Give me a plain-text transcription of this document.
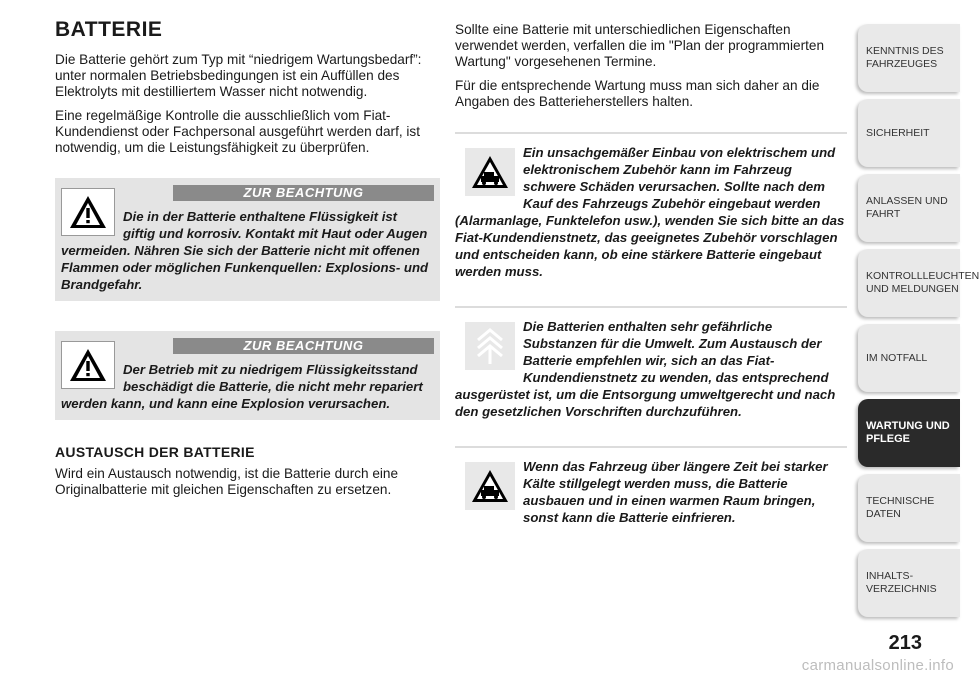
BATTERIE

Die Batterie gehört zum Typ mit “niedrigem Wartungsbedarf”: unter normalen Betriebsbedingungen ist ein Auffüllen des Elektrolyts mit destilliertem Wasser nicht notwendig.

Eine regelmäßige Kontrolle die ausschließlich vom Fiat-Kundendienst oder Fachpersonal ausgeführt werden darf, ist notwendig, um die Leistungsfähigkeit zu überprüfen.

ZUR BEACHTUNG
Die in der Batterie enthaltene Flüssigkeit ist giftig und korrosiv. Kontakt mit Haut oder Augen vermeiden. Nähren Sie sich der Batterie nicht mit offenen Flammen oder möglichen Funkenquellen: Explosions- und Brandgefahr.
ZUR BEACHTUNG
Der Betrieb mit zu niedrigem Flüssigkeitsstand beschädigt die Batterie, die nicht mehr repariert werden kann, und kann eine Explosion verursachen.
AUSTAUSCH DER BATTERIE

Wird ein Austausch notwendig, ist die Batterie durch eine Originalbatterie mit gleichen Eigenschaften zu ersetzen.

Sollte eine Batterie mit unterschiedlichen Eigenschaften verwendet werden, verfallen die im "Plan der programmierten Wartung" vorgesehenen Termine.

Für die entsprechende Wartung muss man sich daher an die Angaben des Batterieherstellers halten.

Ein unsachgemäßer Einbau von elektrischem und elektronischem Zubehör kann im Fahrzeug schwere Schäden verursachen. Sollte nach dem Kauf des Fahrzeugs Zubehör eingebaut werden (Alarmanlage, Funktelefon usw.), wenden Sie sich bitte an das Fiat-Kundendienstnetz, das geeignetes Zubehör vorschlagen und entscheiden kann, ob eine stärkere Batterie eingebaut werden muss.
Die Batterien enthalten sehr gefährliche Substanzen für die Umwelt. Zum Austausch der Batterie empfehlen wir, sich an das Fiat-Kundendienstnetz zu wenden, das entsprechend ausgerüstet ist, um die Entsorgung umweltgerecht und nach den gesetzlichen Vorschriften durchzuführen.
Wenn das Fahrzeug über längere Zeit bei starker Kälte stillgelegt werden muss, die Batterie ausbauen und in einen warmen Raum bringen, sonst kann die Batterie einfrieren.
KENNTNIS DES FAHRZEUGES
SICHERHEIT
ANLASSEN UND FAHRT
KONTROLLLEUCHTEN UND MELDUNGEN
IM NOTFALL
WARTUNG UND PFLEGE
TECHNISCHE DATEN
INHALTS- VERZEICHNIS
213
carmanualsonline.info
